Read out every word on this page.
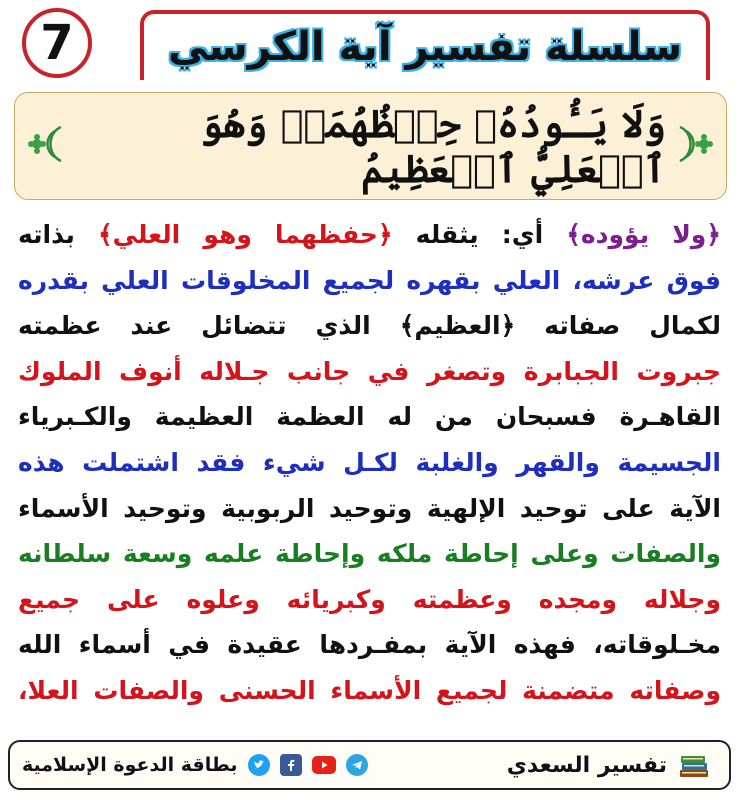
7 سلسلة تفسير آية الكرسي
وَلَا يَـُٔودُهُۥ حِفۡظُهُمَاۚ وَهُوَ ٱلۡعَلِيُّ ٱلۡعَظِيمُ
﴿ولا يؤوده﴾ أي: يثقله ﴿حفظهما وهو العلي﴾ بذاته
فوق عرشه، العلي بقهره لجميع المخلوقات العلي بقدره
لكمال صفاته ﴿العظيم﴾ الذي تتضائل عند عظمته
جبروت الجبابرة وتصغر في جانب جـلاله أنوف الملوك
القاهـرة فسبحان من له العظمة العظيمة والكـبرياء
الجسيمة والقهر والغلبة لكـل شيء فقد اشتملت هذه
الآية على توحيد الإلهية وتوحيد الربوبية وتوحيد الأسماء
والصفات وعلى إحاطة ملكه وإحاطة علمه وسعة سلطانه
وجلاله ومجده وعظمته وكبريائه وعلوه على جميع
مخـلوقاته، فهذه الآية بمفـردها عقيدة في أسماء الله
وصفاته متضمنة لجميع الأسماء الحسنى والصفات العلا،
بطاقة الدعوة الإسلامية	تفسير السعدي
